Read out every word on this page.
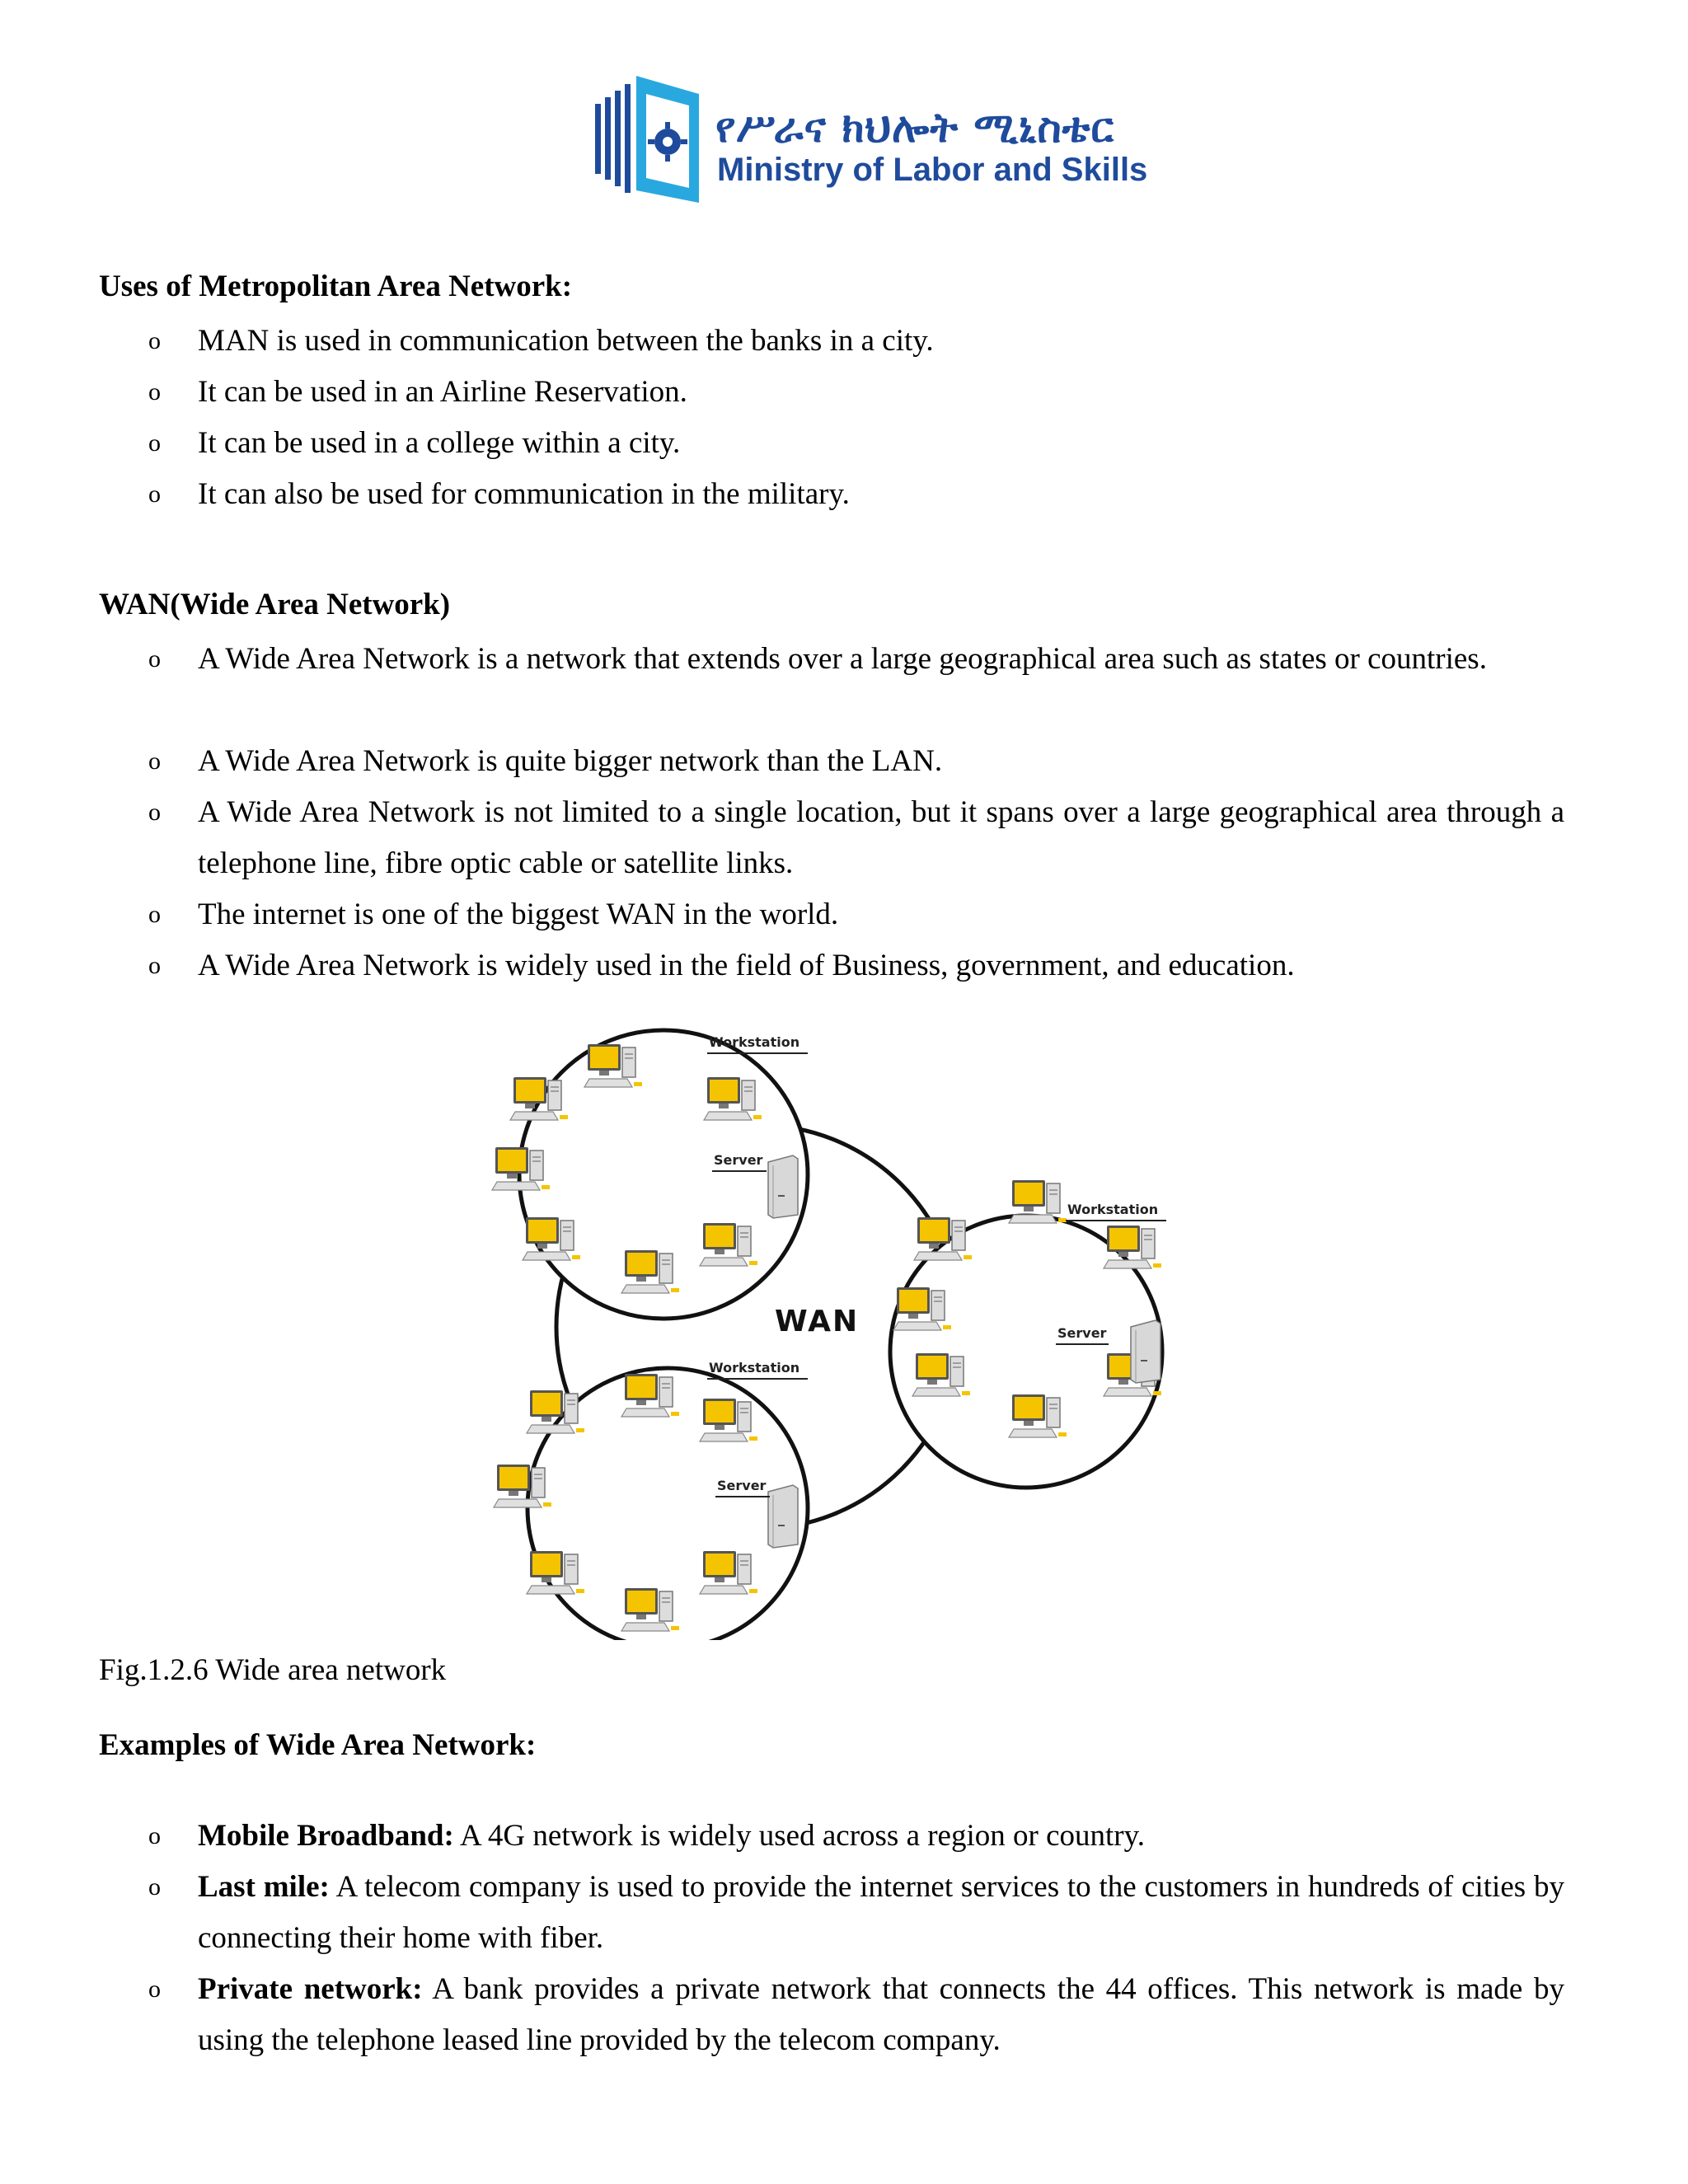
የሥራና ክህሎት ሚኒስቴር
Ministry of Labor and Skills
Uses of Metropolitan Area Network:
o MAN is used in communication between the banks in a city.
o It can be used in an Airline Reservation.
o It can be used in a college within a city.
o It can also be used for communication in the military.
WAN(Wide Area Network)
o A Wide Area Network is a network that extends over a large geographical area such as states or countries.
o A Wide Area Network is quite bigger network than the LAN.
o A Wide Area Network is not limited to a single location, but it spans over a large geographical area through a telephone line, fibre optic cable or satellite links.
o The internet is one of the biggest WAN in the world.
o A Wide Area Network is widely used in the field of Business, government, and education.
WAN
Workstation
Server
Workstation
Server
Workstation
Server
Fig.1.2.6 Wide area network
Examples of Wide Area Network:
o Mobile Broadband: A 4G network is widely used across a region or country.
o Last mile: A telecom company is used to provide the internet services to the customers in hundreds of cities by connecting their home with fiber.
o Private network: A bank provides a private network that connects the 44 offices. This network is made by using the telephone leased line provided by the telecom company.
